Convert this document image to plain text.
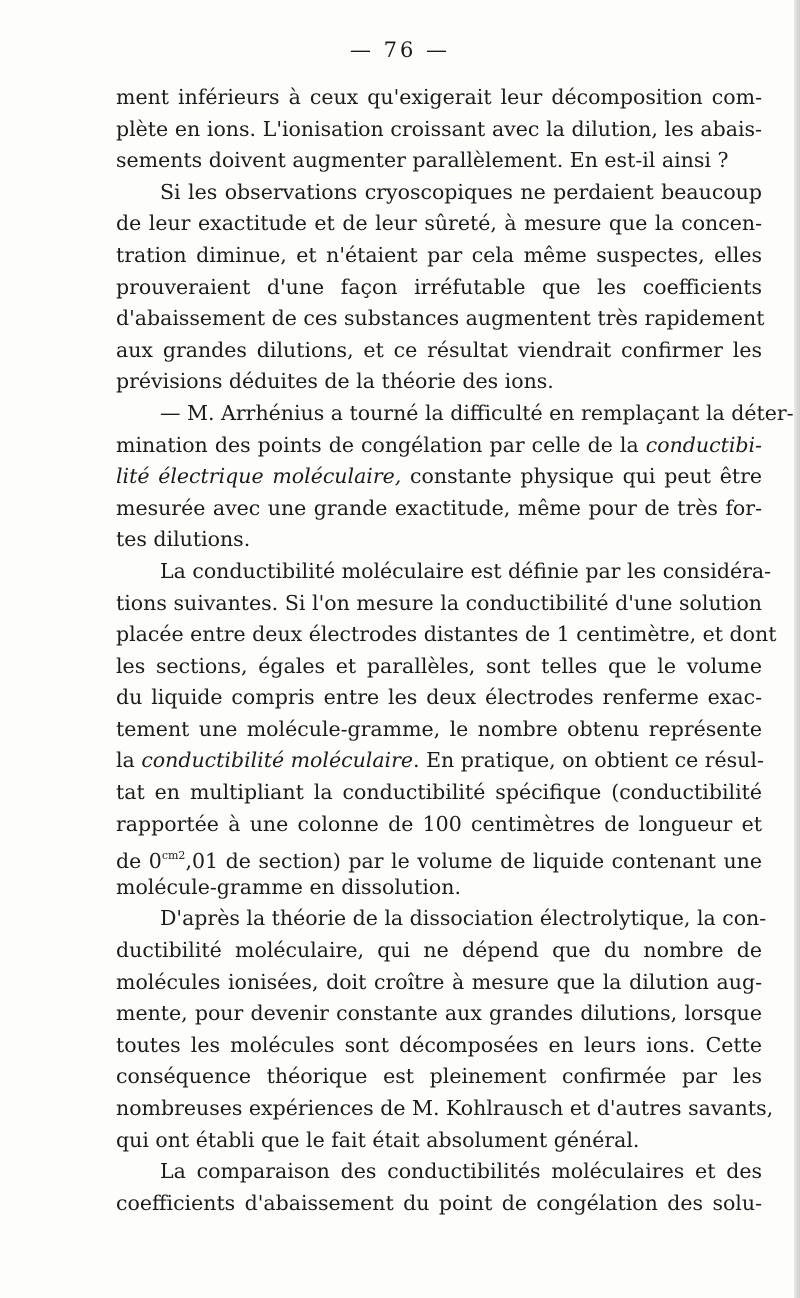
— 76 —
ment inférieurs à ceux qu'exigerait leur décomposition com-
plète en ions. L'ionisation croissant avec la dilution, les abais-
sements doivent augmenter parallèlement. En est-il ainsi ?
Si les observations cryoscopiques ne perdaient beaucoup
de leur exactitude et de leur sûreté, à mesure que la concen-
tration diminue, et n'étaient par cela même suspectes, elles
prouveraient d'une façon irréfutable que les coefficients
d'abaissement de ces substances augmentent très rapidement
aux grandes dilutions, et ce résultat viendrait confirmer les
prévisions déduites de la théorie des ions.
— M. Arrhénius a tourné la difficulté en remplaçant la déter-
mination des points de congélation par celle de la conductibi-
lité électrique moléculaire, constante physique qui peut être
mesurée avec une grande exactitude, même pour de très for-
tes dilutions.
La conductibilité moléculaire est définie par les considéra-
tions suivantes. Si l'on mesure la conductibilité d'une solution
placée entre deux électrodes distantes de 1 centimètre, et dont
les sections, égales et parallèles, sont telles que le volume
du liquide compris entre les deux électrodes renferme exac-
tement une molécule-gramme, le nombre obtenu représente
la conductibilité moléculaire. En pratique, on obtient ce résul-
tat en multipliant la conductibilité spécifique (conductibilité
rapportée à une colonne de 100 centimètres de longueur et
de $0^{cm2},01$ de section) par le volume de liquide contenant une
molécule-gramme en dissolution.
D'après la théorie de la dissociation électrolytique, la con-
ductibilité moléculaire, qui ne dépend que du nombre de
molécules ionisées, doit croître à mesure que la dilution aug-
mente, pour devenir constante aux grandes dilutions, lorsque
toutes les molécules sont décomposées en leurs ions. Cette
conséquence théorique est pleinement confirmée par les
nombreuses expériences de M. Kohlrausch et d'autres savants,
qui ont établi que le fait était absolument général.
La comparaison des conductibilités moléculaires et des
coefficients d'abaissement du point de congélation des solu-
